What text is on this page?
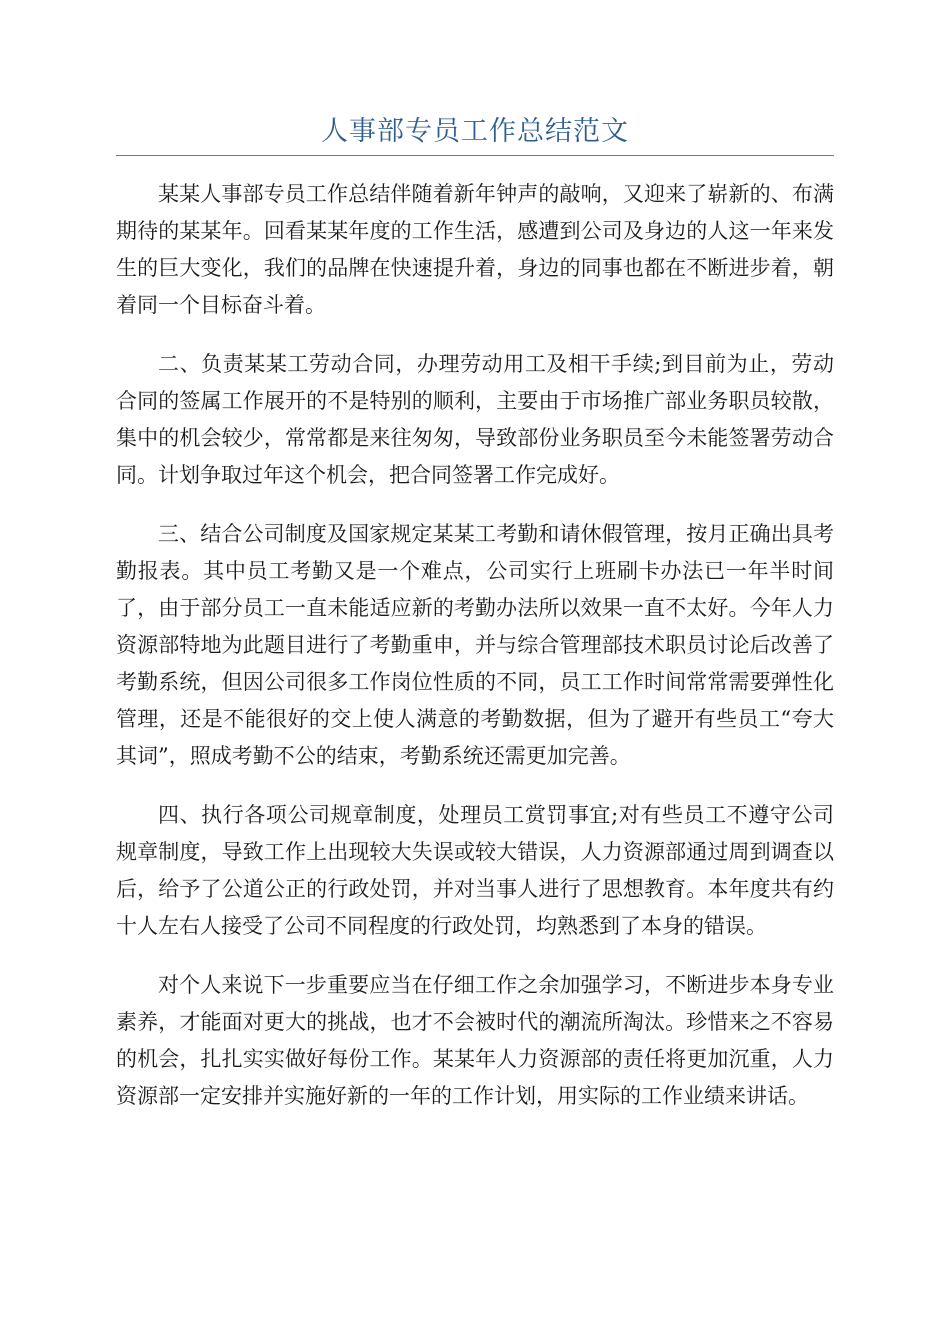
人事部专员工作总结范文

某某人事部专员工作总结伴随着新年钟声的敲响，又迎来了崭新的、布满期待的某某年。回看某某年度的工作生活，感遭到公司及身边的人这一年来发生的巨大变化，我们的品牌在快速提升着，身边的同事也都在不断进步着，朝着同一个目标奋斗着。

二、负责某某工劳动合同，办理劳动用工及相干手续;到目前为止，劳动合同的签属工作展开的不是特别的顺利，主要由于市场推广部业务职员较散，集中的机会较少，常常都是来往匆匆，导致部份业务职员至今未能签署劳动合同。计划争取过年这个机会，把合同签署工作完成好。

三、结合公司制度及国家规定某某工考勤和请休假管理，按月正确出具考勤报表。其中员工考勤又是一个难点，公司实行上班刷卡办法已一年半时间了，由于部分员工一直未能适应新的考勤办法所以效果一直不太好。今年人力资源部特地为此题目进行了考勤重申，并与综合管理部技术职员讨论后改善了考勤系统，但因公司很多工作岗位性质的不同，员工工作时间常常需要弹性化管理，还是不能很好的交上使人满意的考勤数据，但为了避开有些员工“夸大其词”，照成考勤不公的结束，考勤系统还需更加完善。

四、执行各项公司规章制度，处理员工赏罚事宜;对有些员工不遵守公司规章制度，导致工作上出现较大失误或较大错误，人力资源部通过周到调查以后，给予了公道公正的行政处罚，并对当事人进行了思想教育。本年度共有约十人左右人接受了公司不同程度的行政处罚，均熟悉到了本身的错误。

对个人来说下一步重要应当在仔细工作之余加强学习，不断进步本身专业素养，才能面对更大的挑战，也才不会被时代的潮流所淘汰。珍惜来之不容易的机会，扎扎实实做好每份工作。某某年人力资源部的责任将更加沉重，人力资源部一定安排并实施好新的一年的工作计划，用实际的工作业绩来讲话。
